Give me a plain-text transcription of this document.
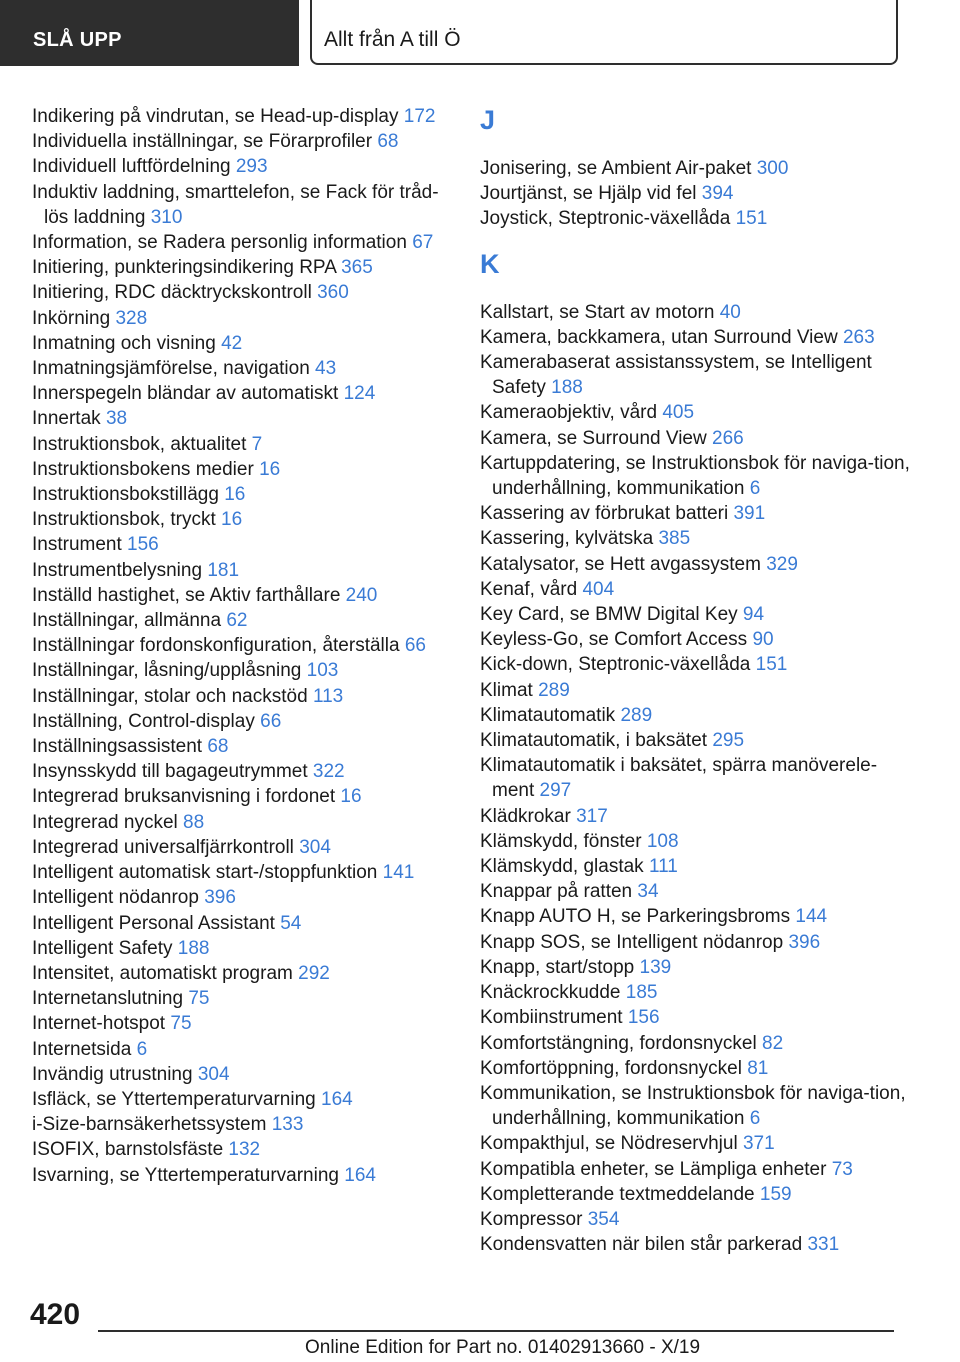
SLÅ UPP	Allt från A till Ö
Indikering på vindrutan, se Head-up-display 172
Individuella inställningar, se Förarprofiler 68
Individuell luftfördelning 293
Induktiv laddning, smarttelefon, se Fack för tråd-lös laddning 310
Information, se Radera personlig information 67
Initiering, punkteringsindikering RPA 365
Initiering, RDC däcktryckskontroll 360
Inkörning 328
Inmatning och visning 42
Inmatningsjämförelse, navigation 43
Innerspegeln bländar av automatiskt 124
Innertak 38
Instruktionsbok, aktualitet 7
Instruktionsbokens medier 16
Instruktionsbokstillägg 16
Instruktionsbok, tryckt 16
Instrument 156
Instrumentbelysning 181
Inställd hastighet, se Aktiv farthållare 240
Inställningar, allmänna 62
Inställningar fordonskonfiguration, återställa 66
Inställningar, låsning/upplåsning 103
Inställningar, stolar och nackstöd 113
Inställning, Control-display 66
Inställningsassistent 68
Insynsskydd till bagageutrymmet 322
Integrerad bruksanvisning i fordonet 16
Integrerad nyckel 88
Integrerad universalfjärrkontroll 304
Intelligent automatisk start-/stoppfunktion 141
Intelligent nödanrop 396
Intelligent Personal Assistant 54
Intelligent Safety 188
Intensitet, automatiskt program 292
Internetanslutning 75
Internet-hotspot 75
Internetsida 6
Invändig utrustning 304
Isfläck, se Yttertemperaturvarning 164
i-Size-barnsäkerhetssystem 133
ISOFIX, barnstolsfäste 132
Isvarning, se Yttertemperaturvarning 164
J
Jonisering, se Ambient Air-paket 300
Jourtjänst, se Hjälp vid fel 394
Joystick, Steptronic-växellåda 151
K
Kallstart, se Start av motorn 40
Kamera, backkamera, utan Surround View 263
Kamerabaserat assistanssystem, se Intelligent Safety 188
Kameraobjektiv, vård 405
Kamera, se Surround View 266
Kartuppdatering, se Instruktionsbok för naviga-tion, underhållning, kommunikation 6
Kassering av förbrukat batteri 391
Kassering, kylvätska 385
Katalysator, se Hett avgassystem 329
Kenaf, vård 404
Key Card, se BMW Digital Key 94
Keyless-Go, se Comfort Access 90
Kick-down, Steptronic-växellåda 151
Klimat 289
Klimatautomatik 289
Klimatautomatik, i baksätet 295
Klimatautomatik i baksätet, spärra manöverele-ment 297
Klädkrokar 317
Klämskydd, fönster 108
Klämskydd, glastak 111
Knappar på ratten 34
Knapp AUTO H, se Parkeringsbroms 144
Knapp SOS, se Intelligent nödanrop 396
Knapp, start/stopp 139
Knäckrockkudde 185
Kombiinstrument 156
Komfortstängning, fordonsnyckel 82
Komfortöppning, fordonsnyckel 81
Kommunikation, se Instruktionsbok för naviga-tion, underhållning, kommunikation 6
Kompakthjul, se Nödreservhjul 371
Kompatibla enheter, se Lämpliga enheter 73
Kompletterande textmeddelande 159
Kompressor 354
Kondensvatten när bilen står parkerad 331
420
Online Edition for Part no. 01402913660 - X/19
